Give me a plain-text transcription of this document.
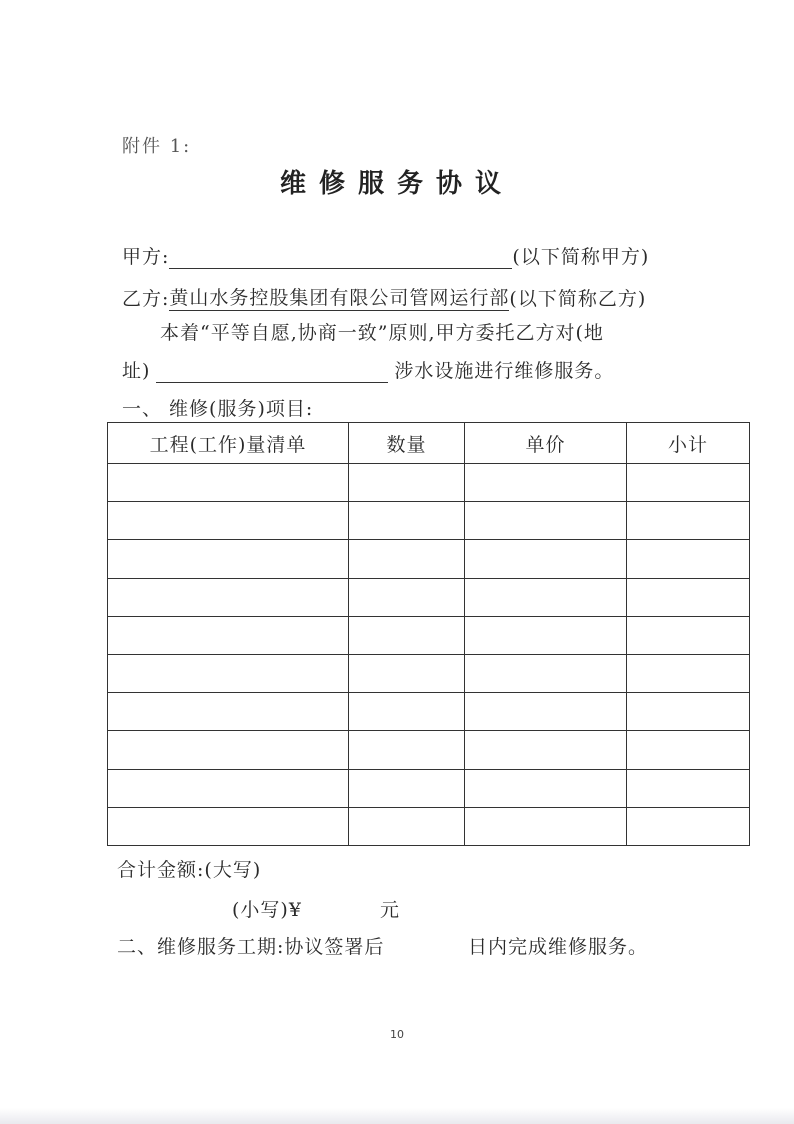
附件 1:
维修服务协议
甲方:	(以下简称甲方)
乙方:黄山水务控股集团有限公司管网运行部(以下简称乙方)
本着“平等自愿,协商一致”原则,甲方委托乙方对(地
址)	涉水设施进行维修服务。
一、 维修(服务)项目:
工程(工作)量清单	数量	单价	小计

合计金额:(大写)
(小写)¥	元
二、维修服务工期:协议签署后	日内完成维修服务。
10
